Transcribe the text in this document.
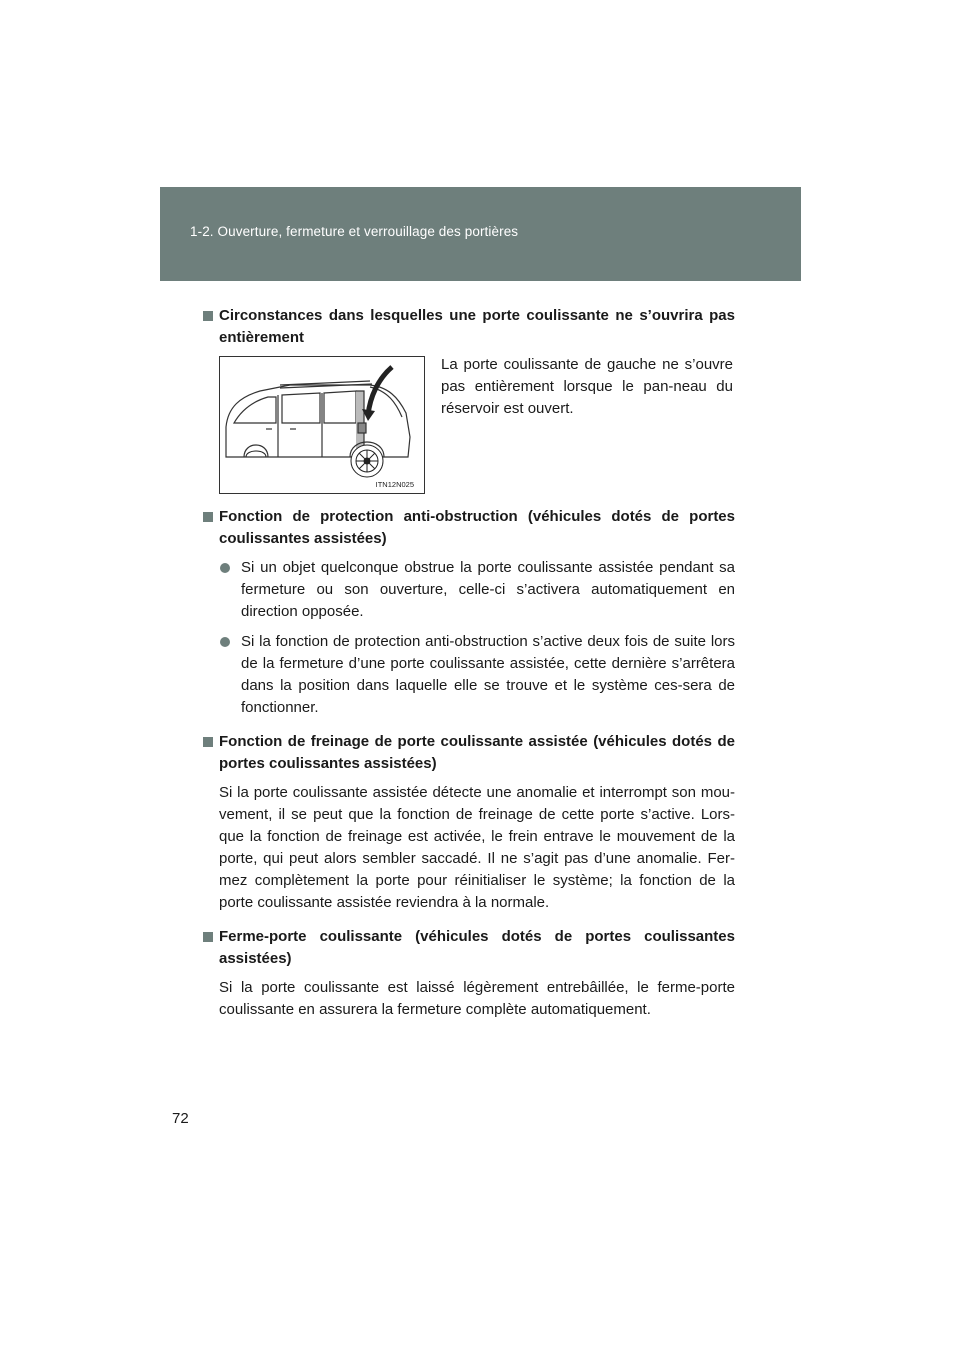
1-2. Ouverture, fermeture et verrouillage des portières
Circonstances dans lesquelles une porte coulissante ne s’ouvrira pas entièrement
ITN12N025
La porte coulissante de gauche ne s’ouvre pas entièrement lorsque le pan-neau du réservoir est ouvert.
Fonction de protection anti-obstruction (véhicules dotés de portes coulissantes assistées)
Si un objet quelconque obstrue la porte coulissante assistée pendant sa fermeture ou son ouverture, celle-ci s’activera automatiquement en direction opposée.
Si la fonction de protection anti-obstruction s’active deux fois de suite lors de la fermeture d’une porte coulissante assistée, cette dernière s’arrêtera dans la position dans laquelle elle se trouve et le système ces-sera de fonctionner.
Fonction de freinage de porte coulissante assistée (véhicules dotés de portes coulissantes assistées)
Si la porte coulissante assistée détecte une anomalie et interrompt son mou-vement, il se peut que la fonction de freinage de cette porte s’active. Lors-que la fonction de freinage est activée, le frein entrave le mouvement de la porte, qui peut alors sembler saccadé. Il ne s’agit pas d’une anomalie. Fer-mez complètement la porte pour réinitialiser le système; la fonction de la porte coulissante assistée reviendra à la normale.
Ferme-porte coulissante (véhicules dotés de portes coulissantes assistées)
Si la porte coulissante est laissé légèrement entrebâillée, le ferme-porte coulissante en assurera la fermeture complète automatiquement.
72
